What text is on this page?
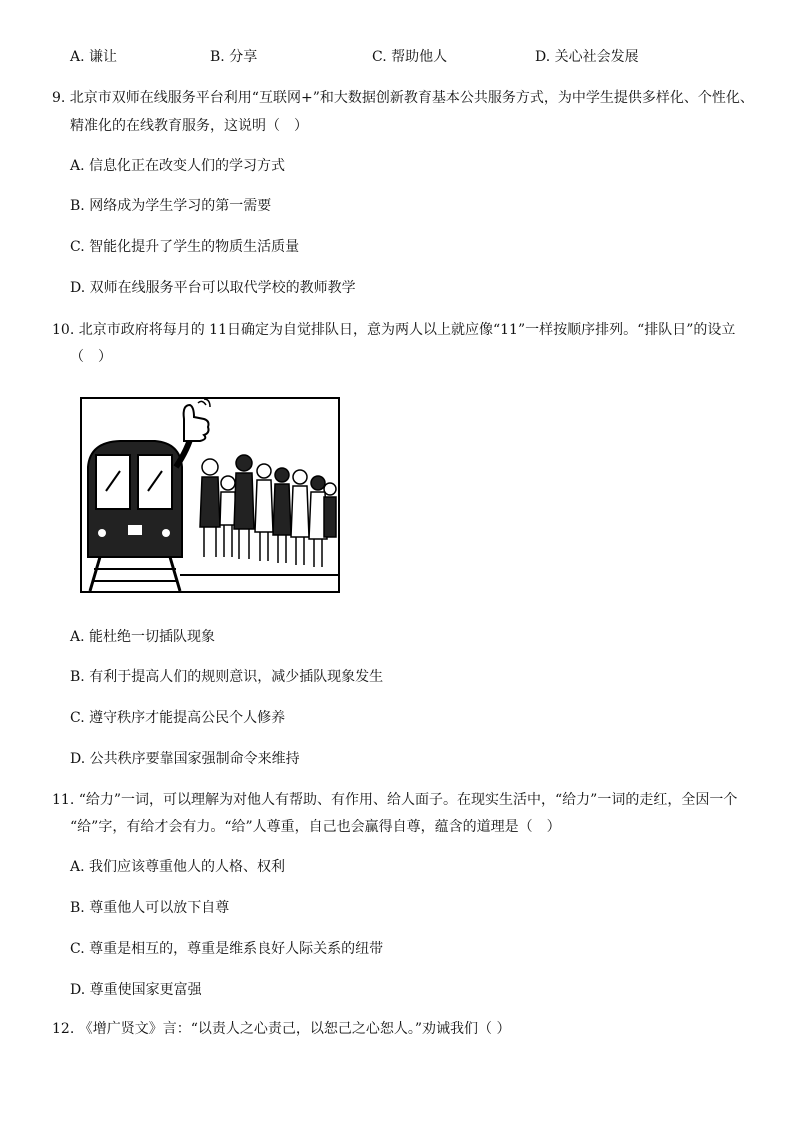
A. 谦让	B. 分享	C. 帮助他人	D. 关心社会发展
9. 北京市双师在线服务平台利用“互联网+”和大数据创新教育基本公共服务方式，为中学生提供多样化、个性化、
精准化的在线教育服务，这说明（　）
A. 信息化正在改变人们的学习方式
B. 网络成为学生学习的第一需要
C. 智能化提升了学生的物质生活质量
D. 双师在线服务平台可以取代学校的教师教学
10. 北京市政府将每月的 11日确定为自觉排队日，意为两人以上就应像“11”一样按顺序排列。“排队日”的设立
（　）
A. 能杜绝一切插队现象
B. 有利于提高人们的规则意识，减少插队现象发生
C. 遵守秩序才能提高公民个人修养
D. 公共秩序要靠国家强制命令来维持
11. “给力”一词，可以理解为对他人有帮助、有作用、给人面子。在现实生活中，“给力”一词的走红，全因一个
“给”字，有给才会有力。“给”人尊重，自己也会赢得自尊，蕴含的道理是（　）
A. 我们应该尊重他人的人格、权利
B. 尊重他人可以放下自尊
C. 尊重是相互的，尊重是维系良好人际关系的纽带
D. 尊重使国家更富强
12. 《增广贤文》言：“以责人之心责己，以恕己之心恕人。”劝诫我们（ ）
